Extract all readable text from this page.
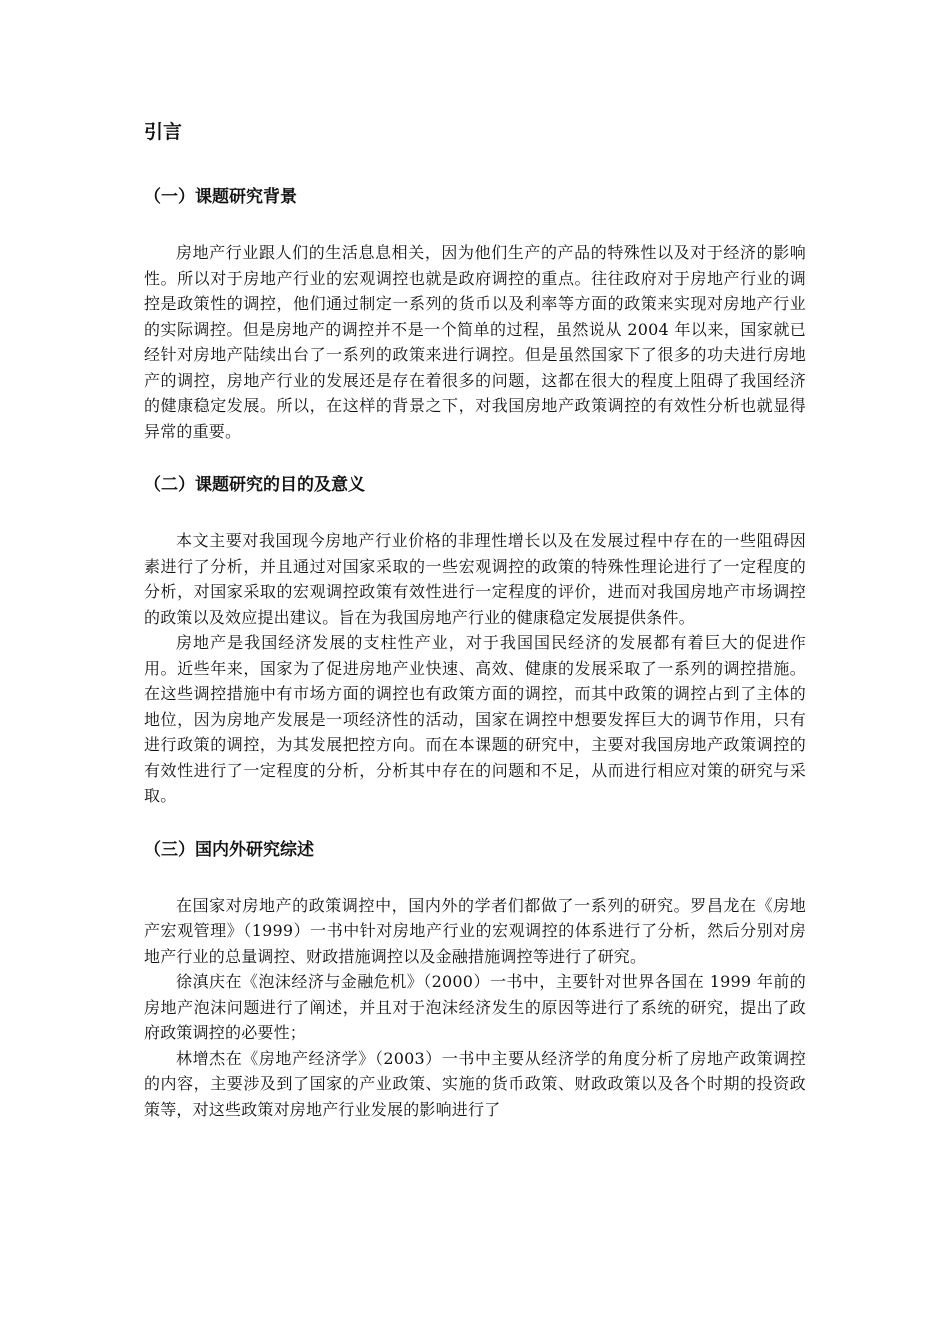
引言
（一）课题研究背景

房地产行业跟人们的生活息息相关，因为他们生产的产品的特殊性以及对于经济的影响性。所以对于房地产行业的宏观调控也就是政府调控的重点。往往政府对于房地产行业的调控是政策性的调控，他们通过制定一系列的货币以及利率等方面的政策来实现对房地产行业的实际调控。但是房地产的调控并不是一个简单的过程，虽然说从 2004 年以来，国家就已经针对房地产陆续出台了一系列的政策来进行调控。但是虽然国家下了很多的功夫进行房地产的调控，房地产行业的发展还是存在着很多的问题，这都在很大的程度上阻碍了我国经济的健康稳定发展。所以，在这样的背景之下，对我国房地产政策调控的有效性分析也就显得异常的重要。

（二）课题研究的目的及意义

本文主要对我国现今房地产行业价格的非理性增长以及在发展过程中存在的一些阻碍因素进行了分析，并且通过对国家采取的一些宏观调控的政策的特殊性理论进行了一定程度的分析，对国家采取的宏观调控政策有效性进行一定程度的评价，进而对我国房地产市场调控的政策以及效应提出建议。旨在为我国房地产行业的健康稳定发展提供条件。

房地产是我国经济发展的支柱性产业，对于我国国民经济的发展都有着巨大的促进作用。近些年来，国家为了促进房地产业快速、高效、健康的发展采取了一系列的调控措施。在这些调控措施中有市场方面的调控也有政策方面的调控，而其中政策的调控占到了主体的地位，因为房地产发展是一项经济性的活动，国家在调控中想要发挥巨大的调节作用，只有进行政策的调控，为其发展把控方向。而在本课题的研究中，主要对我国房地产政策调控的有效性进行了一定程度的分析，分析其中存在的问题和不足，从而进行相应对策的研究与采取。

（三）国内外研究综述

在国家对房地产的政策调控中，国内外的学者们都做了一系列的研究。罗昌龙在《房地产宏观管理》（1999）一书中针对房地产行业的宏观调控的体系进行了分析，然后分别对房地产行业的总量调控、财政措施调控以及金融措施调控等进行了研究。

徐滇庆在《泡沫经济与金融危机》（2000）一书中，主要针对世界各国在 1999 年前的房地产泡沫问题进行了阐述，并且对于泡沫经济发生的原因等进行了系统的研究，提出了政府政策调控的必要性；

林增杰在《房地产经济学》（2003）一书中主要从经济学的角度分析了房地产政策调控的内容，主要涉及到了国家的产业政策、实施的货币政策、财政政策以及各个时期的投资政策等，对这些政策对房地产行业发展的影响进行了
